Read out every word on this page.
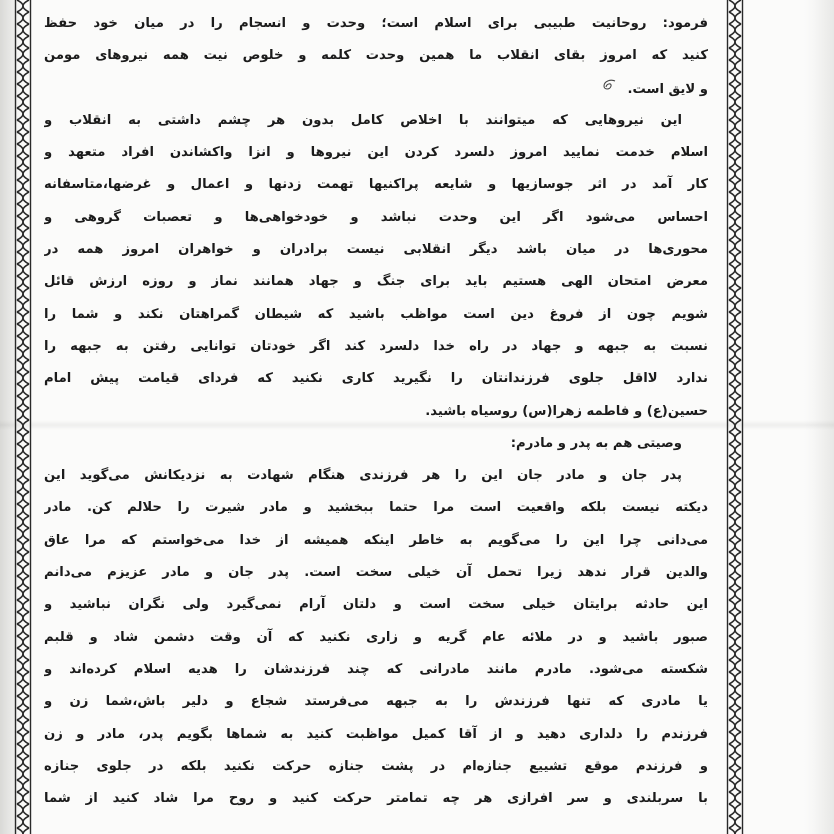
فرمود: روحانیت طبیبی برای اسلام است؛ وحدت و انسجام را در میان خود حفظ
کنید که امروز بقای انقلاب ما همین وحدت کلمه و خلوص نیت همه نیروهای مومن
و لایق است.
این نیروهایی که میتوانند با اخلاص کامل بدون هر چشم داشتی به انقلاب و
اسلام خدمت نمایید امروز دلسرد کردن این نیروها و انزا واکشاندن افراد متعهد و
کار آمد در اثر جوسازیها و شایعه پراکنیها تهمت زدنها و اعمال و غرضها،متاسفانه
احساس می‌شود اگر این وحدت نباشد و خودخواهی‌ها و تعصبات گروهی و
محوری‌ها در میان باشد دیگر انقلابی نیست برادران و خواهران امروز همه در
معرض امتحان الهی هستیم باید برای جنگ و جهاد همانند نماز و روزه ارزش قائل
شویم چون از فروغ دین است مواظب باشید که شیطان گمراهتان نکند و شما را
نسبت به جبهه و جهاد در راه خدا دلسرد کند اگر خودتان توانایی رفتن به جبهه را
ندارد لااقل جلوی فرزندانتان را نگیرید کاری نکنید که فردای قیامت پیش امام
حسین(ع) و فاطمه زهرا(س) روسیاه باشید.
وصیتی هم به پدر و مادرم:
پدر جان و مادر جان این را هر فرزندی هنگام شهادت به نزدیکانش می‌گوید این
دیکته نیست بلکه واقعیت است مرا حتما ببخشید و مادر شیرت را حلالم کن. مادر
می‌دانی چرا این را می‌گویم به خاطر اینکه همیشه از خدا می‌خواستم که مرا عاق
والدین قرار ندهد زیرا تحمل آن خیلی سخت است. پدر جان و مادر عزیزم می‌دانم
این حادثه برایتان خیلی سخت است و دلتان آرام نمی‌گیرد ولی نگران نباشید و
صبور باشید و در ملائه عام گریه و زاری نکنید که آن وقت دشمن شاد و قلبم
شکسته می‌شود. مادرم مانند مادرانی که چند فرزندشان را هدیه اسلام کرده‌اند و
یا مادری که تنها فرزندش را به جبهه می‌فرستد شجاع و دلیر باش،شما زن و
فرزندم را دلداری دهید و از آقا کمیل مواظبت کنید به شماها بگویم پدر، مادر و زن
و فرزندم موقع تشییع جنازه‌ام در پشت جنازه حرکت نکنید بلکه در جلوی جنازه
با سربلندی و سر افرازی هر چه تمامتر حرکت کنید و روح مرا شاد کنید از شما
